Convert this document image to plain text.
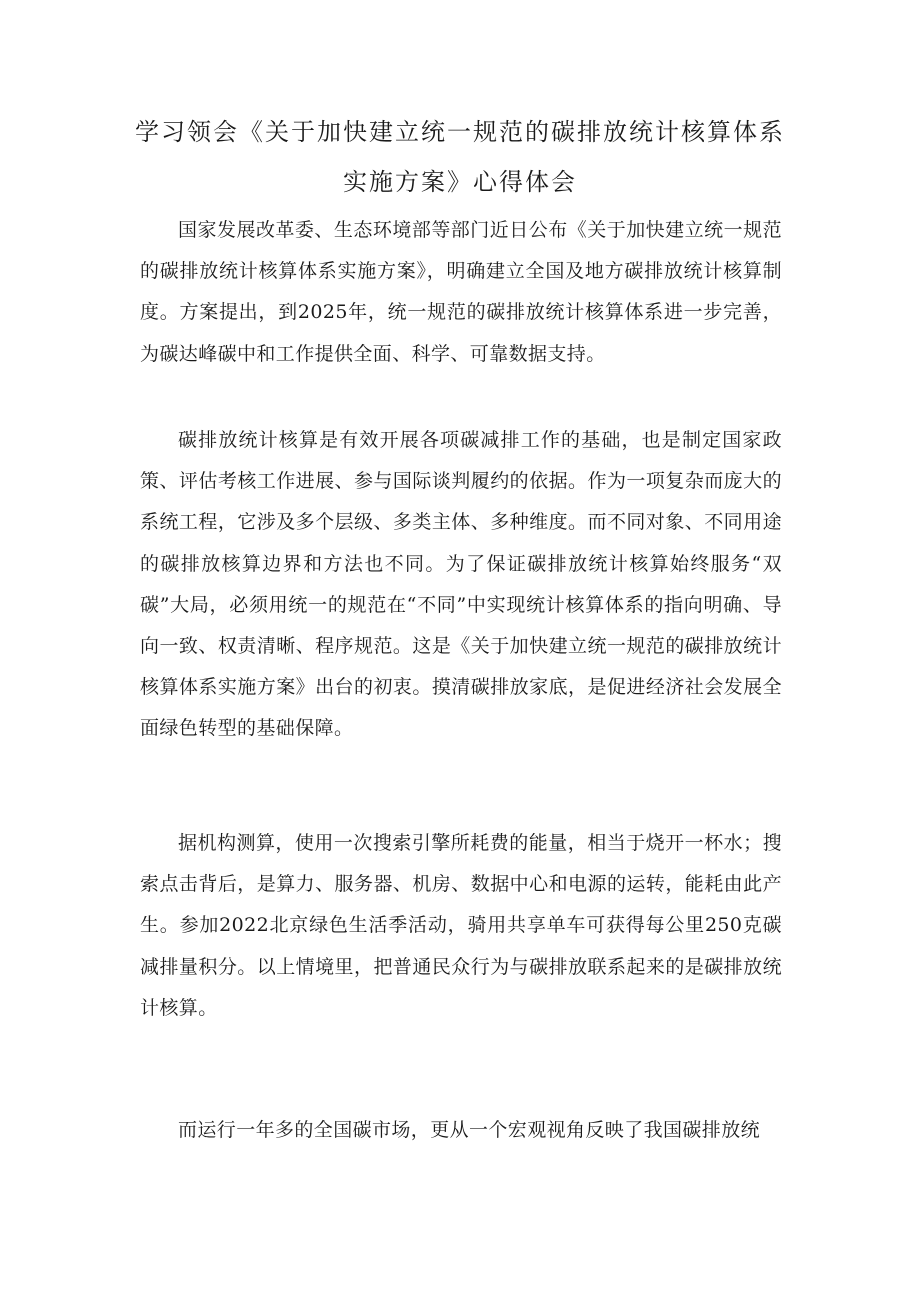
学习领会《关于加快建立统一规范的碳排放统计核算体系
实施方案》心得体会

国家发展改革委、生态环境部等部门近日公布《关于加快建立统一规范的碳排放统计核算体系实施方案》，明确建立全国及地方碳排放统计核算制度。方案提出，到2025年，统一规范的碳排放统计核算体系进一步完善，为碳达峰碳中和工作提供全面、科学、可靠数据支持。

碳排放统计核算是有效开展各项碳减排工作的基础，也是制定国家政策、评估考核工作进展、参与国际谈判履约的依据。作为一项复杂而庞大的系统工程，它涉及多个层级、多类主体、多种维度。而不同对象、不同用途的碳排放核算边界和方法也不同。为了保证碳排放统计核算始终服务“双碳”大局，必须用统一的规范在“不同”中实现统计核算体系的指向明确、导向一致、权责清晰、程序规范。这是《关于加快建立统一规范的碳排放统计核算体系实施方案》出台的初衷。摸清碳排放家底，是促进经济社会发展全面绿色转型的基础保障。

据机构测算，使用一次搜索引擎所耗费的能量，相当于烧开一杯水；搜索点击背后，是算力、服务器、机房、数据中心和电源的运转，能耗由此产生。参加2022北京绿色生活季活动，骑用共享单车可获得每公里250克碳减排量积分。以上情境里，把普通民众行为与碳排放联系起来的是碳排放统计核算。

而运行一年多的全国碳市场，更从一个宏观视角反映了我国碳排放统
